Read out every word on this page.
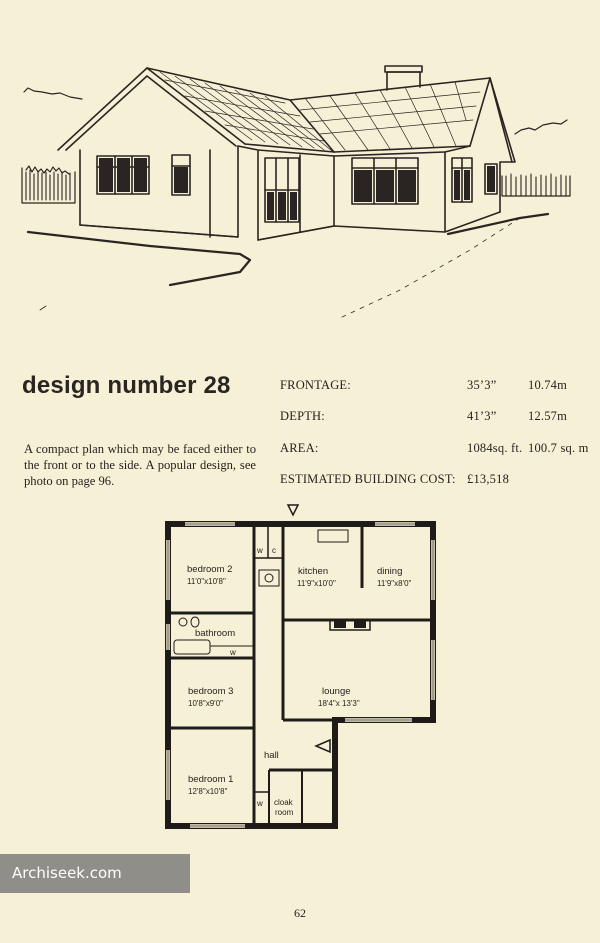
design number 28

A compact plan which may be faced either to the front or to the side. A popular design, see photo on page 96.

FRONTAGE:	35’3”	10.74m
DEPTH:	41’3”	12.57m
AREA:	1084sq. ft. 100.7 sq. m
ESTIMATED BUILDING COST: £13,518
bedroom 2
11'0"x10'8"
kitchen
11'9"x10'0"
dining
11'9"x8'0"
bathroom
bedroom 3
10'8"x9'0"
lounge
18'4"x 13'3"
hall
bedroom 1
12'8"x10'8"
cloak
room
w c
w
w
Archiseek.com
62
